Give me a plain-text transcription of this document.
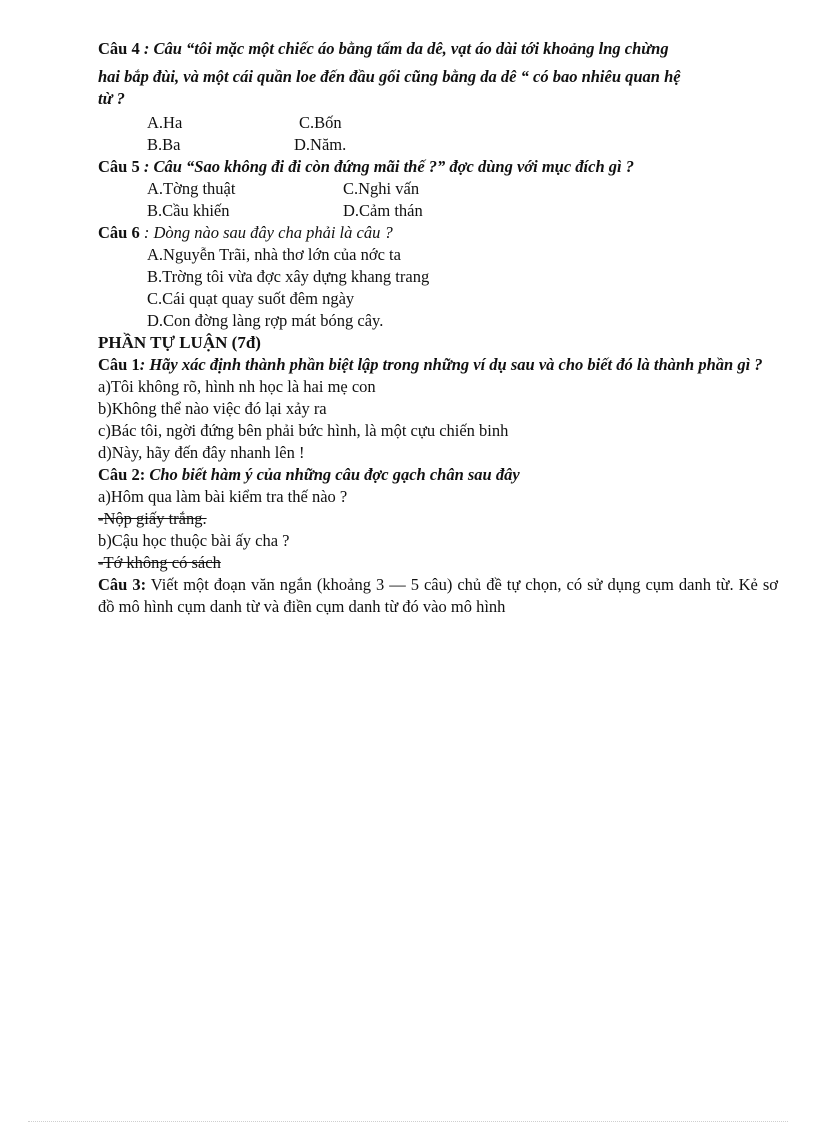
Câu 4 : Câu “tôi mặc một chiếc áo bằng tấm da dê, vạt áo dài tới khoảng lng chừng
hai bắp đùi, và một cái quần loe đến đầu gối cũng bằng da dê “ có bao nhiêu quan hệ
từ ?
A.Ha	C.Bốn
B.Ba	D.Năm.
Câu 5 : Câu “Sao không đi đi còn đứng mãi thế ?” đợc dùng với mục đích gì ?
A.Tờng thuật	C.Nghi vấn
B.Cầu khiến	D.Cảm thán
Câu 6 : Dòng nào sau đây cha phải là câu ?
A.Nguyễn Trãi, nhà thơ lớn của nớc ta
B.Trờng tôi vừa đợc xây dựng khang trang
C.Cái quạt quay suốt đêm ngày
D.Con đờng làng rợp mát bóng cây.
PHẦN TỰ LUẬN (7đ)
Câu 1: Hãy xác định thành phần biệt lập trong những ví dụ sau và cho biết đó là thành phần gì ?
a)Tôi không rõ, hình nh học là hai mẹ con
b)Không thể nào việc đó lại xảy ra
c)Bác tôi, ngời đứng bên phải bức hình, là một cựu chiến binh
d)Này, hãy đến đây nhanh lên !
Câu 2: Cho biết hàm ý của những câu đợc gạch chân sau đây
a)Hôm qua làm bài kiểm tra thế nào ?
-Nộp giấy trắng.
b)Cậu học thuộc bài ấy cha ?
-Tớ không có sách
Câu 3: Viết một đoạn văn ngắn (khoảng 3 — 5 câu) chủ đề tự chọn, có sử dụng cụm danh từ. Kẻ sơ đồ mô hình cụm danh từ và điền cụm danh từ đó vào mô hình
